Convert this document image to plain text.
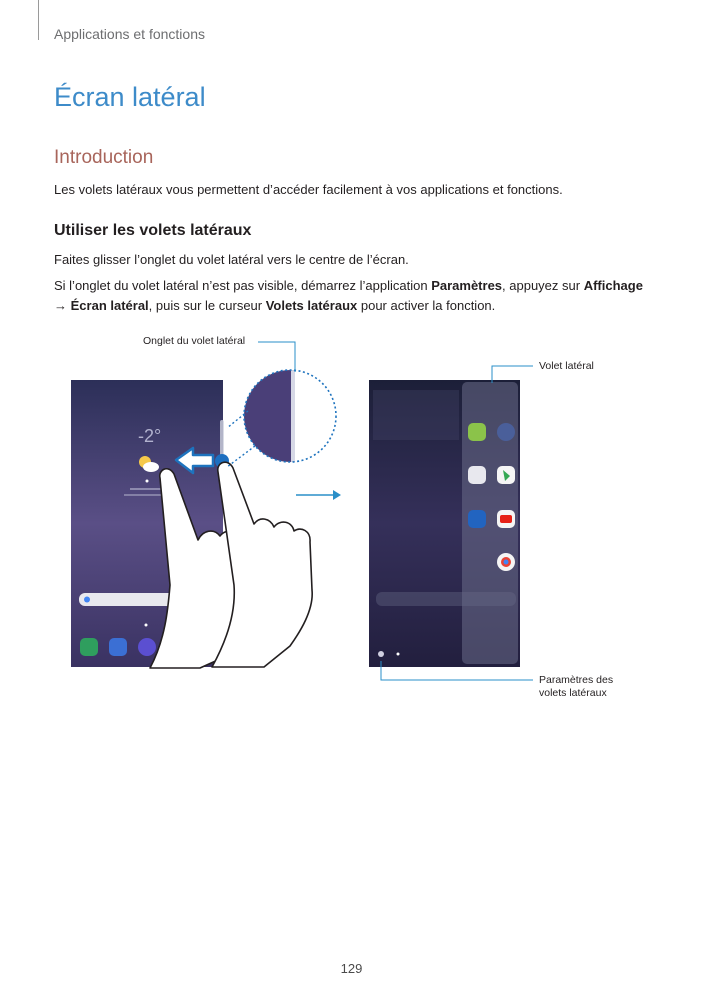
Applications et fonctions
Écran latéral
Introduction

Les volets latéraux vous permettent d’accéder facilement à vos applications et fonctions.

Utiliser les volets latéraux

Faites glisser l’onglet du volet latéral vers le centre de l’écran.

Si l’onglet du volet latéral n’est pas visible, démarrez l’application Paramètres, appuyez sur Affichage

→ Écran latéral, puis sur le curseur Volets latéraux pour activer la fonction.

-2°
Onglet du volet latéral
Volet latéral
Paramètres des
volets latéraux
129
